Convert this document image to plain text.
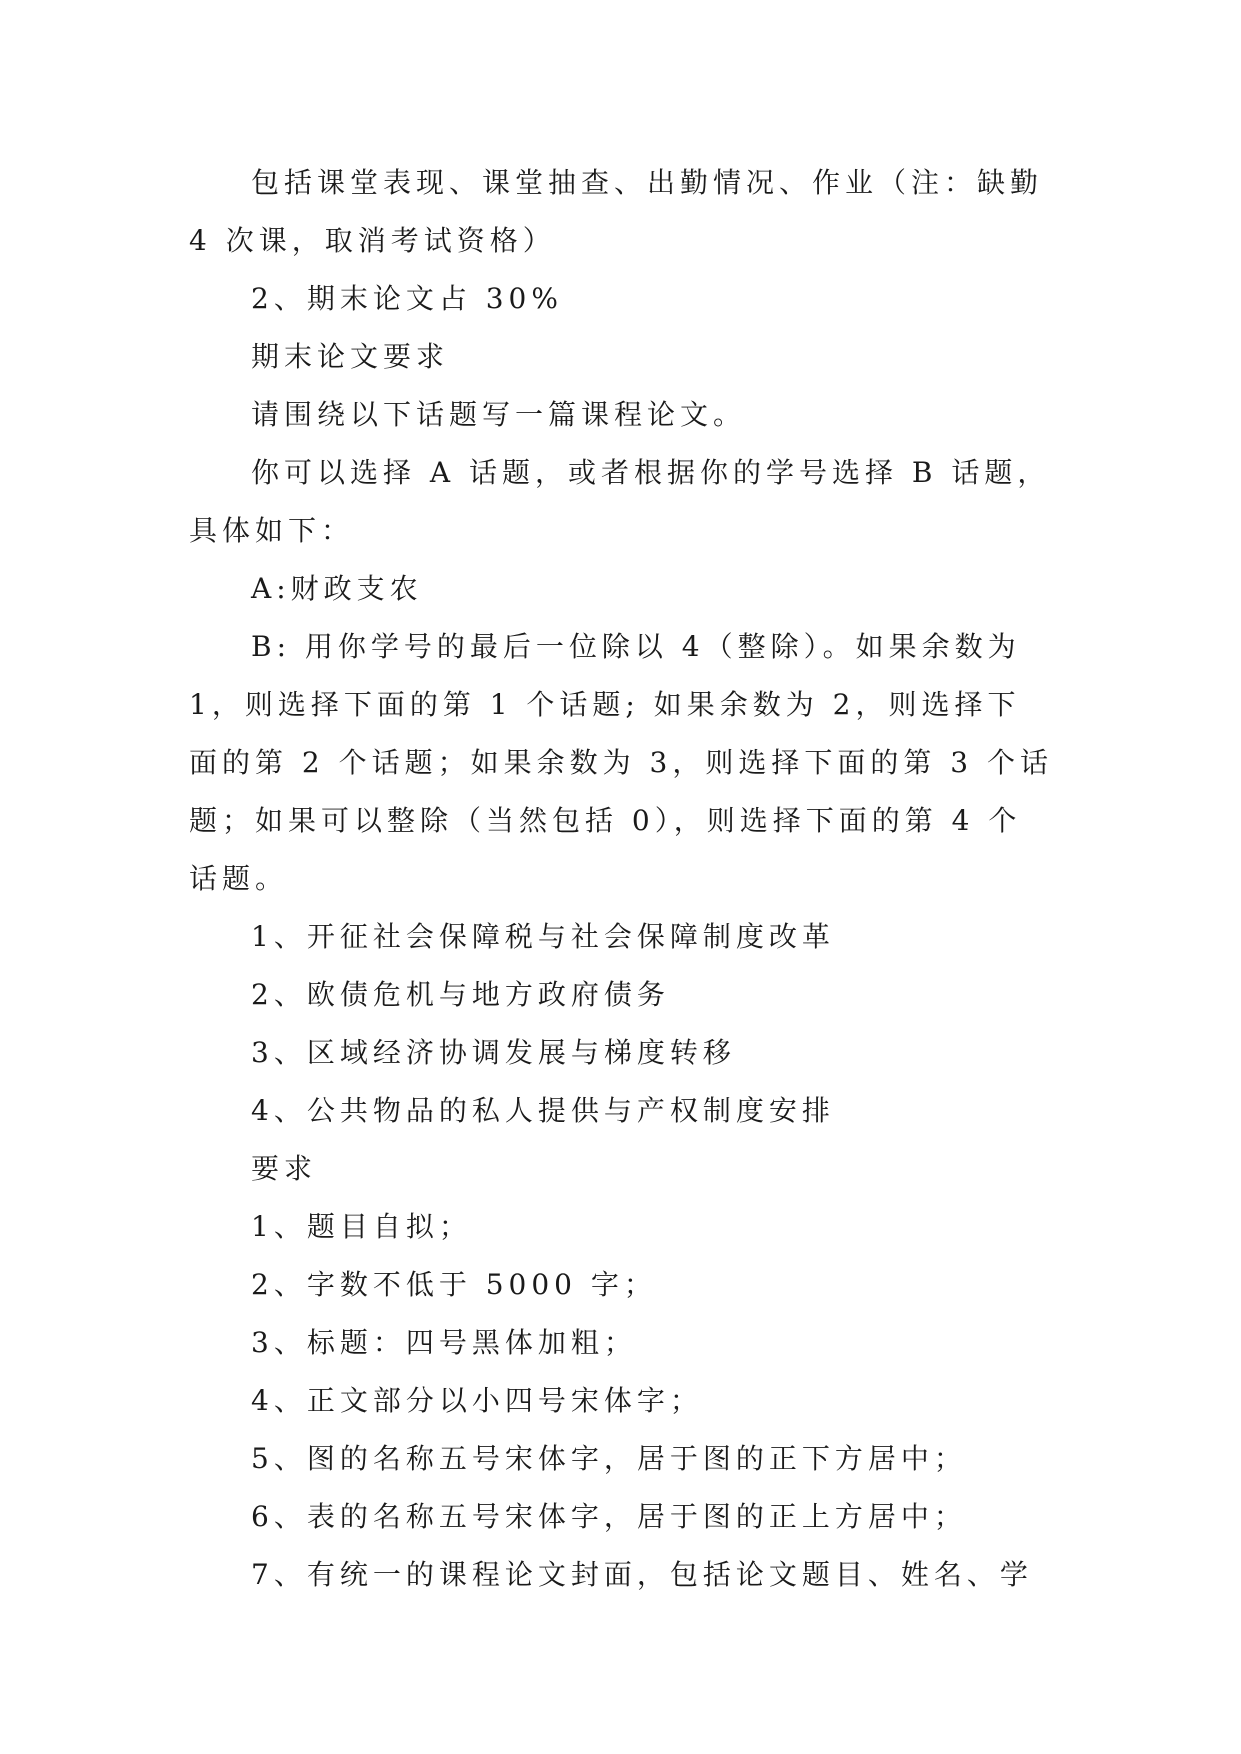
包括课堂表现、课堂抽查、出勤情况、作业（注：缺勤 4 次课，取消考试资格）

2、期末论文占 30%

期末论文要求

请围绕以下话题写一篇课程论文。

你可以选择 A 话题，或者根据你的学号选择 B 话题，具体如下：

A:财政支农

B: 用你学号的最后一位除以 4（整除）。如果余数为 1，则选择下面的第 1 个话题; 如果余数为 2，则选择下面的第 2 个话题；如果余数为 3，则选择下面的第 3 个话题；如果可以整除（当然包括 0），则选择下面的第 4 个话题。

1、开征社会保障税与社会保障制度改革

2、欧债危机与地方政府债务

3、区域经济协调发展与梯度转移

4、公共物品的私人提供与产权制度安排

要求

1、题目自拟；

2、字数不低于 5000 字；

3、标题：四号黑体加粗；

4、正文部分以小四号宋体字；

5、图的名称五号宋体字，居于图的正下方居中；

6、表的名称五号宋体字，居于图的正上方居中；

7、有统一的课程论文封面，包括论文题目、姓名、学
